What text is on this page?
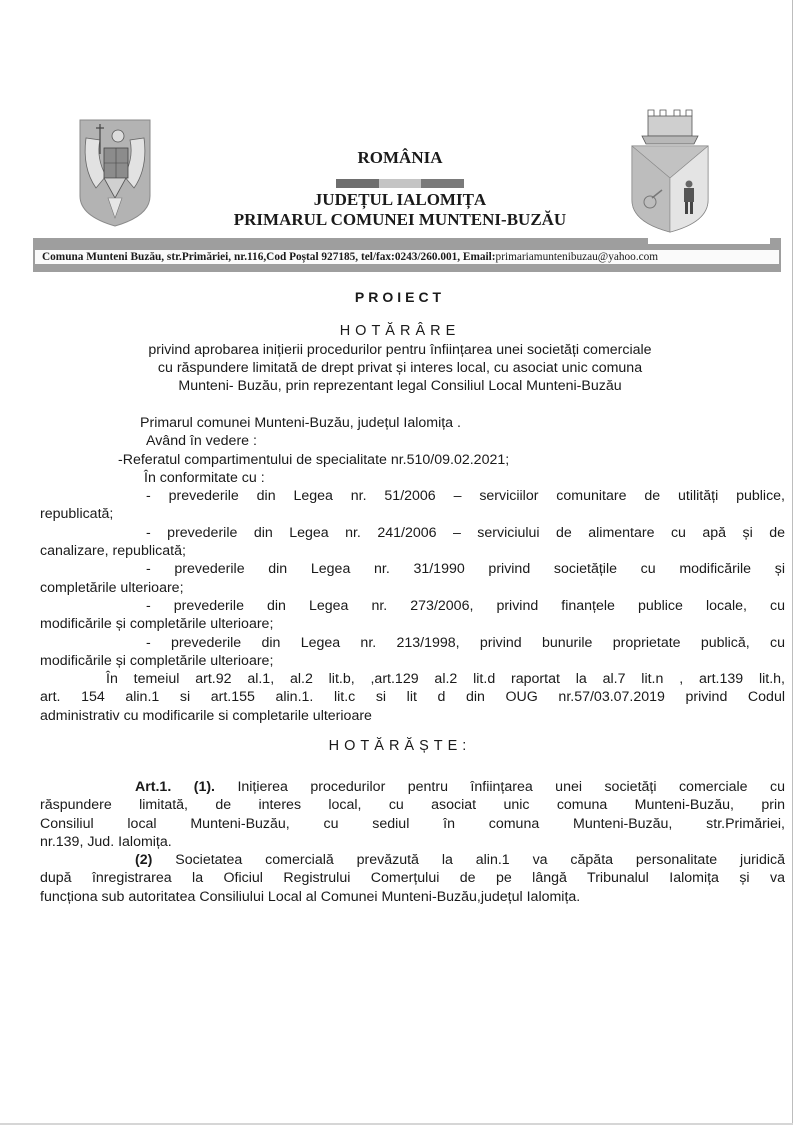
ROMÂNIA
JUDEȚUL IALOMIȚA
PRIMARUL COMUNEI MUNTENI-BUZĂU
Comuna Munteni Buzău, str.Primăriei, nr.116,Cod Poștal 927185, tel/fax:0243/260.001, Email:primariamuntenibuzau@yahoo.com
PROIECT
HOTĂRÂRE
privind aprobarea inițierii procedurilor pentru înființarea unei societăți comerciale
cu răspundere limitată de drept privat și interes local, cu asociat unic comuna
Munteni- Buzău, prin reprezentant legal Consiliul Local Munteni-Buzău
Primarul comunei Munteni-Buzău, județul Ialomița .
Având în vedere :
-Referatul compartimentului de specialitate nr.510/09.02.2021;
În conformitate cu :
- prevederile din Legea nr. 51/2006 – serviciilor comunitare de utilități publice,
republicată;
- prevederile din Legea nr. 241/2006 – serviciului de alimentare cu apă și de
canalizare, republicată;
- prevederile din Legea nr. 31/1990 privind societățile cu modificările și
completările ulterioare;
- prevederile din Legea nr. 273/2006, privind finanțele publice locale, cu
modificările și completările ulterioare;
- prevederile din Legea nr. 213/1998, privind bunurile proprietate publică, cu
modificările și completările ulterioare;
În temeiul art.92 al.1, al.2 lit.b, ,art.129 al.2 lit.d raportat la al.7 lit.n , art.139 lit.h,
art. 154 alin.1 si art.155 alin.1. lit.c si lit d din OUG nr.57/03.07.2019 privind Codul
administrativ cu modificarile si completarile ulterioare
HOTĂRĂȘTE:
Art.1. (1). Inițierea procedurilor pentru înființarea unei societăți comerciale cu
răspundere limitată, de interes local, cu asociat unic comuna Munteni-Buzău, prin
Consiliul local Munteni-Buzău, cu sediul în comuna Munteni-Buzău, str.Primăriei,
nr.139, Jud. Ialomița.
(2) Societatea comercială prevăzută la alin.1 va căpăta personalitate juridică
după înregistrarea la Oficiul Registrului Comerțului de pe lângă Tribunalul Ialomița și va
funcționa sub autoritatea Consiliului Local al Comunei Munteni-Buzău,județul Ialomița.
